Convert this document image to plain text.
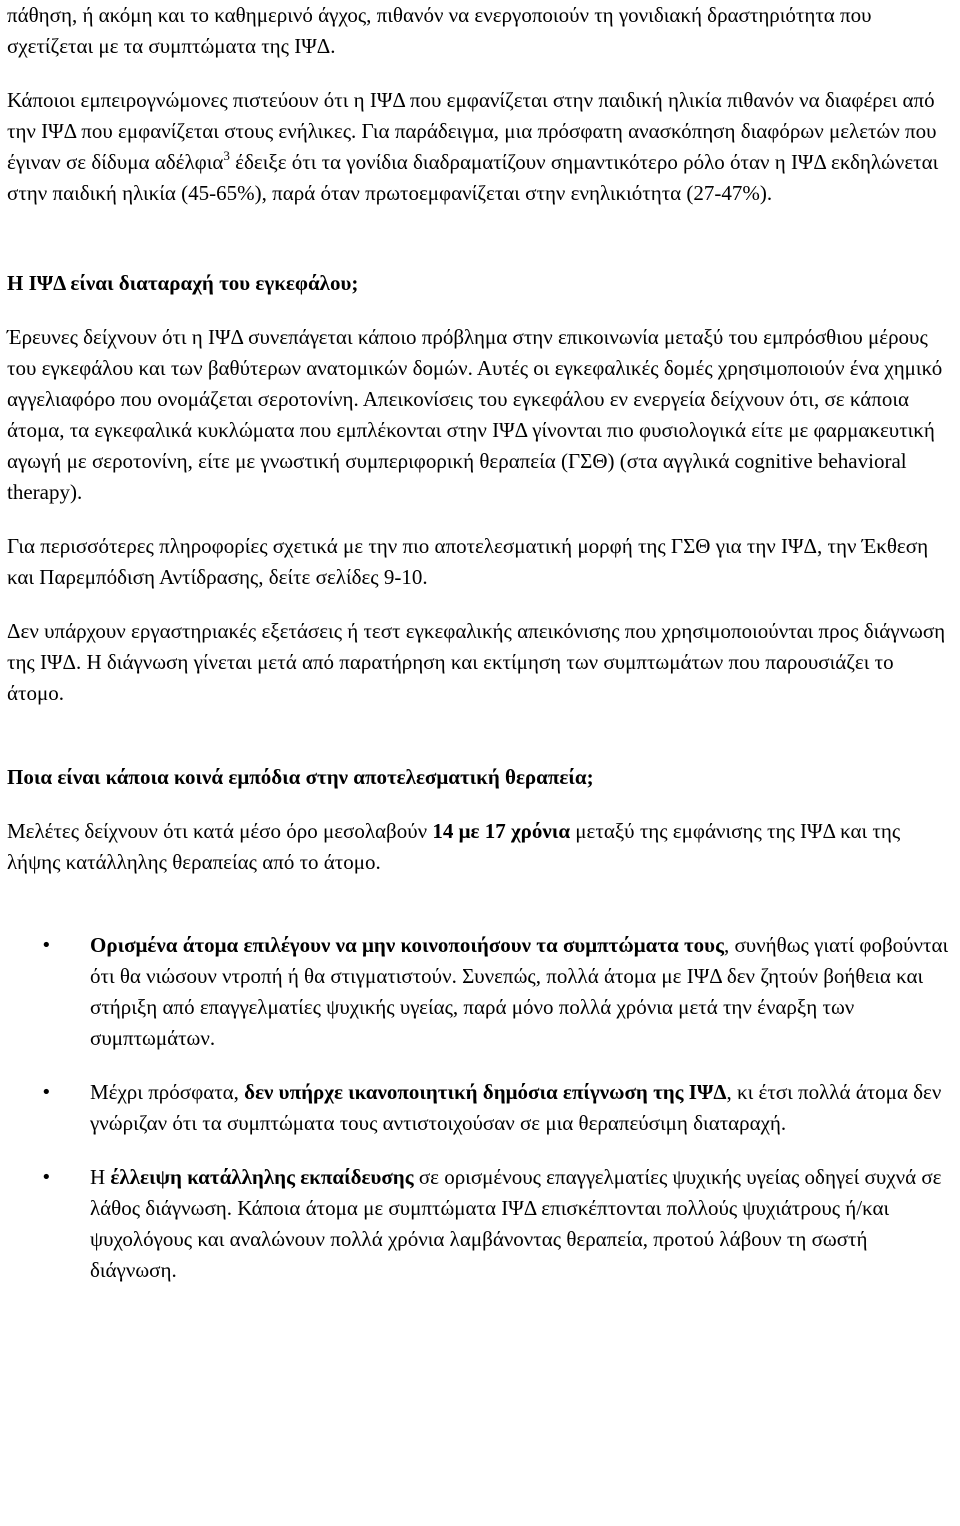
πάθηση, ή ακόμη και το καθημερινό άγχος, πιθανόν να ενεργοποιούν τη γονιδιακή δραστηριότητα που σχετίζεται με τα συμπτώματα της ΙΨΔ.

Κάποιοι εμπειρογνώμονες πιστεύουν ότι η ΙΨΔ που εμφανίζεται στην παιδική ηλικία πιθανόν να διαφέρει από την ΙΨΔ που εμφανίζεται στους ενήλικες. Για παράδειγμα, μια πρόσφατη ανασκόπηση διαφόρων μελετών που έγιναν σε δίδυμα αδέλφια$^3$ έδειξε ότι τα γονίδια διαδραματίζουν σημαντικότερο ρόλο όταν η ΙΨΔ εκδηλώνεται στην παιδική ηλικία (45-65%), παρά όταν πρωτοεμφανίζεται στην ενηλικιότητα (27-47%).

Η ΙΨΔ είναι διαταραχή του εγκεφάλου;

Έρευνες δείχνουν ότι η ΙΨΔ συνεπάγεται κάποιο πρόβλημα στην επικοινωνία μεταξύ του εμπρόσθιου μέρους του εγκεφάλου και των βαθύτερων ανατομικών δομών. Αυτές οι εγκεφαλικές δομές χρησιμοποιούν ένα χημικό αγγελιαφόρο που ονομάζεται σεροτονίνη. Απεικονίσεις του εγκεφάλου εν ενεργεία δείχνουν ότι, σε κάποια άτομα, τα εγκεφαλικά κυκλώματα που εμπλέκονται στην ΙΨΔ γίνονται πιο φυσιολογικά είτε με φαρμακευτική αγωγή με σεροτονίνη, είτε με γνωστική συμπεριφορική θεραπεία (ΓΣΘ) (στα αγγλικά cognitive behavioral therapy).

Για περισσότερες πληροφορίες σχετικά με την πιο αποτελεσματική μορφή της ΓΣΘ για την ΙΨΔ, την Έκθεση και Παρεμπόδιση Αντίδρασης, δείτε σελίδες 9-10.

Δεν υπάρχουν εργαστηριακές εξετάσεις ή τεστ εγκεφαλικής απεικόνισης που χρησιμοποιούνται προς διάγνωση της ΙΨΔ. Η διάγνωση γίνεται μετά από παρατήρηση και εκτίμηση των συμπτωμάτων που παρουσιάζει το άτομο.

Ποια είναι κάποια κοινά εμπόδια στην αποτελεσματική θεραπεία;

Μελέτες δείχνουν ότι κατά μέσο όρο μεσολαβούν 14 με 17 χρόνια μεταξύ της εμφάνισης της ΙΨΔ και της λήψης κατάλληλης θεραπείας από το άτομο.

• Ορισμένα άτομα επιλέγουν να μην κοινοποιήσουν τα συμπτώματα τους, συνήθως γιατί φοβούνται ότι θα νιώσουν ντροπή ή θα στιγματιστούν. Συνεπώς, πολλά άτομα με ΙΨΔ δεν ζητούν βοήθεια και στήριξη από επαγγελματίες ψυχικής υγείας, παρά μόνο πολλά χρόνια μετά την έναρξη των συμπτωμάτων.
• Μέχρι πρόσφατα, δεν υπήρχε ικανοποιητική δημόσια επίγνωση της ΙΨΔ, κι έτσι πολλά άτομα δεν γνώριζαν ότι τα συμπτώματα τους αντιστοιχούσαν σε μια θεραπεύσιμη διαταραχή.
• Η έλλειψη κατάλληλης εκπαίδευσης σε ορισμένους επαγγελματίες ψυχικής υγείας οδηγεί συχνά σε λάθος διάγνωση. Κάποια άτομα με συμπτώματα ΙΨΔ επισκέπτονται πολλούς ψυχιάτρους ή/και ψυχολόγους και αναλώνουν πολλά χρόνια λαμβάνοντας θεραπεία, προτού λάβουν τη σωστή διάγνωση.
